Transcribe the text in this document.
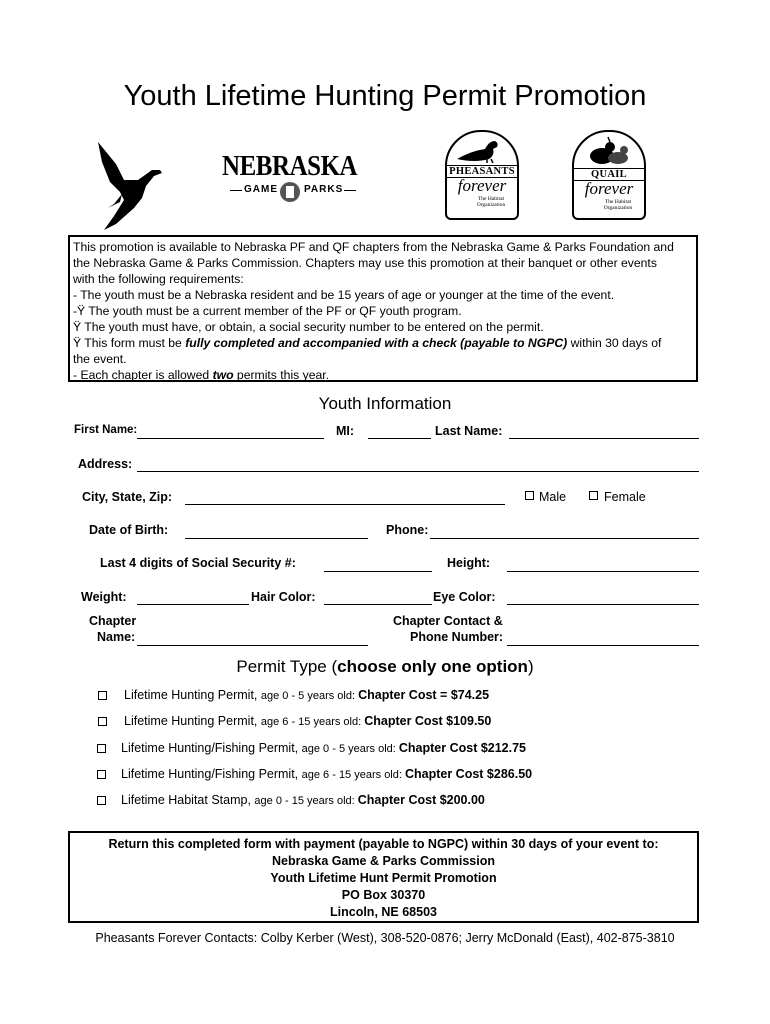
Youth Lifetime Hunting Permit Promotion
NEBRASKA
GAME	PARKS
PHEASANTS
forever
The Habitat
Organization
QUAIL
forever
The Habitat
Organization

This promotion is available to Nebraska PF and QF chapters from the Nebraska Game & Parks Foundation and

the Nebraska Game & Parks Commission. Chapters may use this promotion at their banquet or other events

with the following requirements:

- The youth must be a Nebraska resident and be 15 years of age or younger at the time of the event.

-Ÿ The youth must be a current member of the PF or QF youth program.

Ÿ The youth must have, or obtain, a social security number to be entered on the permit.

Ÿ This form must be fully completed and accompanied with a check (payable to NGPC) within 30 days of

the event.

- Each chapter is allowed two permits this year.

Youth Information
First Name:	MI:	Last Name:
Address:
City, State, Zip:	Male	Female
Date of Birth:	Phone:
Last 4 digits of Social Security #:	Height:
Weight:	Hair Color:	Eye Color:
Chapter
Name:
Chapter Contact &
Phone Number:
Permit Type (choose only one option)
Lifetime Hunting Permit, age 0 - 5 years old: Chapter Cost = $74.25
Lifetime Hunting Permit, age 6 - 15 years old: Chapter Cost $109.50
Lifetime Hunting/Fishing Permit, age 0 - 5 years old: Chapter Cost $212.75
Lifetime Hunting/Fishing Permit, age 6 - 15 years old: Chapter Cost $286.50
Lifetime Habitat Stamp, age 0 - 15 years old: Chapter Cost $200.00
Return this completed form with payment (payable to NGPC) within 30 days of your event to:
Nebraska Game & Parks Commission
Youth Lifetime Hunt Permit Promotion
PO Box 30370
Lincoln, NE 68503
Pheasants Forever Contacts: Colby Kerber (West), 308-520-0876; Jerry McDonald (East), 402-875-3810
